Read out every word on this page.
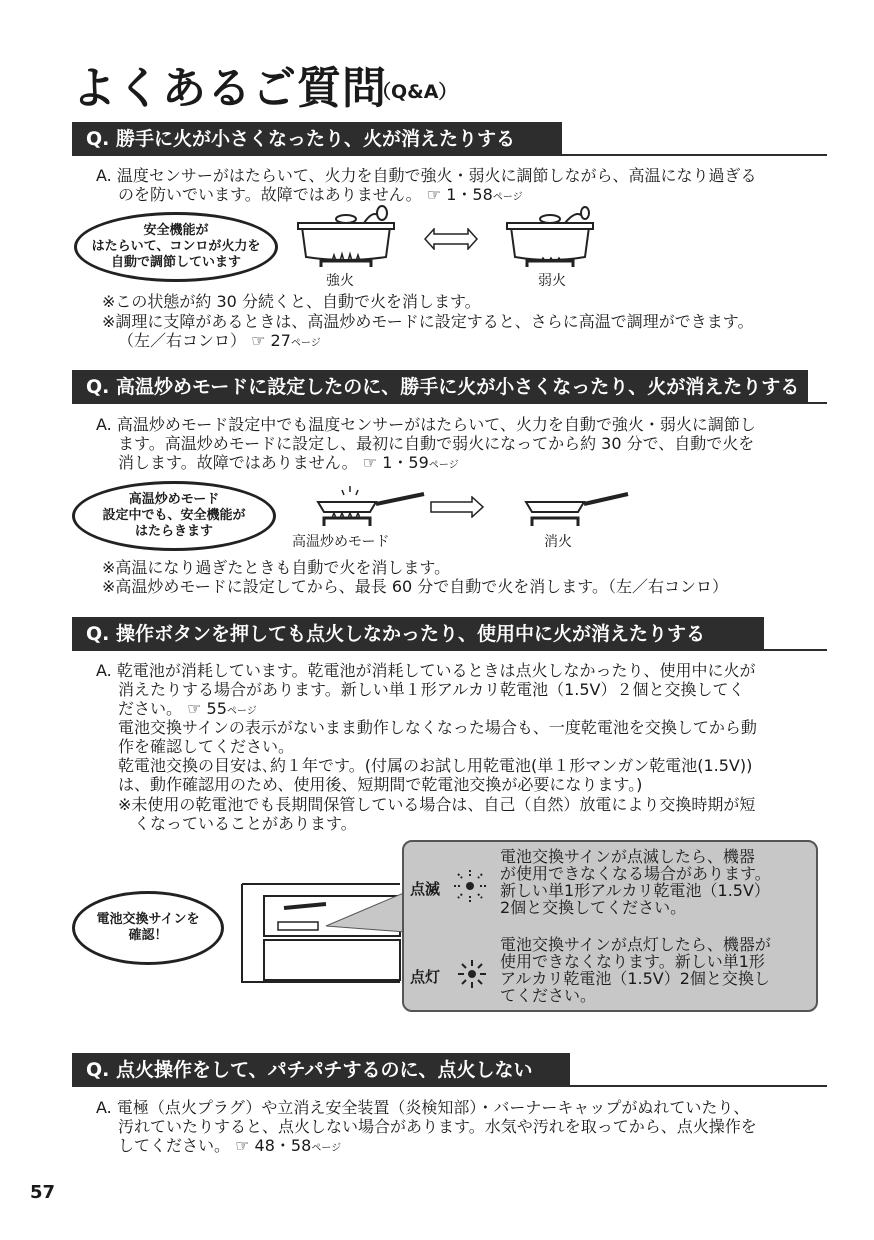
よくあるご質問
（Q&A）
Q. 勝手に火が小さくなったり、火が消えたりする
A. 温度センサーがはたらいて、火力を自動で強火・弱火に調節しながら、高温になり過ぎる
のを防いでいます。故障ではありません。 ☞ 1・58ページ
安全機能が
はたらいて、コンロが火力を
自動で調節しています
強火	弱火
※この状態が約 30 分続くと、自動で火を消します。
※調理に支障があるときは、高温炒めモードに設定すると、さらに高温で調理ができます。
（左／右コンロ） ☞ 27ページ
Q. 高温炒めモードに設定したのに、勝手に火が小さくなったり、火が消えたりする
A. 高温炒めモード設定中でも温度センサーがはたらいて、火力を自動で強火・弱火に調節し
ます。高温炒めモードに設定し、最初に自動で弱火になってから約 30 分で、自動で火を
消します。故障ではありません。 ☞ 1・59ページ
高温炒めモード
設定中でも、安全機能が
はたらきます
高温炒めモード	消火
※高温になり過ぎたときも自動で火を消します。
※高温炒めモードに設定してから、最長 60 分で自動で火を消します。（左／右コンロ）
Q. 操作ボタンを押しても点火しなかったり、使用中に火が消えたりする
A. 乾電池が消耗しています。乾電池が消耗しているときは点火しなかったり、使用中に火が
消えたりする場合があります。新しい単１形アルカリ乾電池（1.5V）２個と交換してく
ださい。 ☞ 55ページ
電池交換サインの表示がないまま動作しなくなった場合も、一度乾電池を交換してから動
作を確認してください。
乾電池交換の目安は､約１年です。(付属のお試し用乾電池(単１形マンガン乾電池(1.5V))
は、動作確認用のため、使用後、短期間で乾電池交換が必要になります。)
※未使用の乾電池でも長期間保管している場合は、自己（自然）放電により交換時期が短
くなっていることがあります。
電池交換サインを
確認！
点滅
電池交換サインが点滅したら、機器
が使用できなくなる場合があります。
新しい単1形アルカリ乾電池（1.5V）
2個と交換してください。
点灯
電池交換サインが点灯したら、機器が
使用できなくなります。新しい単1形
アルカリ乾電池（1.5V）2個と交換し
てください。
Q. 点火操作をして、パチパチするのに、点火しない
A. 電極（点火プラグ）や立消え安全装置（炎検知部）・バーナーキャップがぬれていたり、
汚れていたりすると、点火しない場合があります。水気や汚れを取ってから、点火操作を
してください。 ☞ 48・58ページ
57
